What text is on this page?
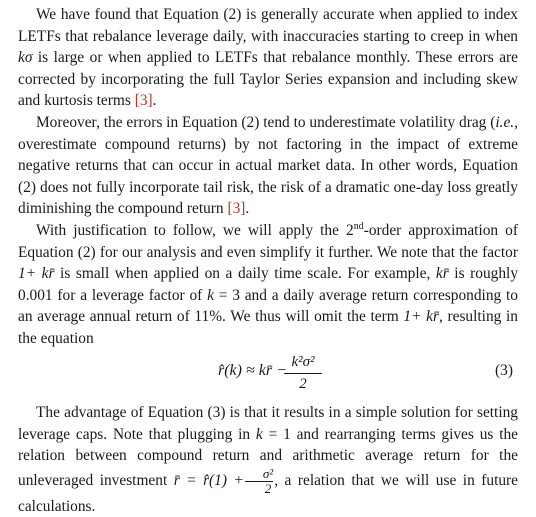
We have found that Equation (2) is generally accurate when applied to index LETFs that rebalance leverage daily, with inaccuracies starting to creep in when kσ is large or when applied to LETFs that rebalance monthly. These errors are corrected by incorporating the full Taylor Series expansion and including skew and kurtosis terms [3].

Moreover, the errors in Equation (2) tend to underestimate volatility drag (i.e., overestimate compound returns) by not factoring in the impact of extreme negative returns that can occur in actual market data. In other words, Equation (2) does not fully incorporate tail risk, the risk of a dramatic one-day loss greatly diminishing the compound return [3].

With justification to follow, we will apply the 2nd-order approximation of Equation (2) for our analysis and even simplify it further. We note that the factor 1+ kr̄ is small when applied on a daily time scale. For example, kr̄ is roughly 0.001 for a leverage factor of k = 3 and a daily average return corresponding to an average annual return of 11%. We thus will omit the term 1+ kr̄, resulting in the equation

r̂(k) ≈ kr̄ −
$\frac{\text{k²σ²}}{2}$	(3)

The advantage of Equation (3) is that it results in a simple solution for setting leverage caps. Note that plugging in k = 1 and rearranging terms gives us the relation between compound return and arithmetic average return for the unleveraged investment r̄ = r̂(1) + $\frac{\text{σ²}}{2}$ , a relation that we will use in future calculations.
